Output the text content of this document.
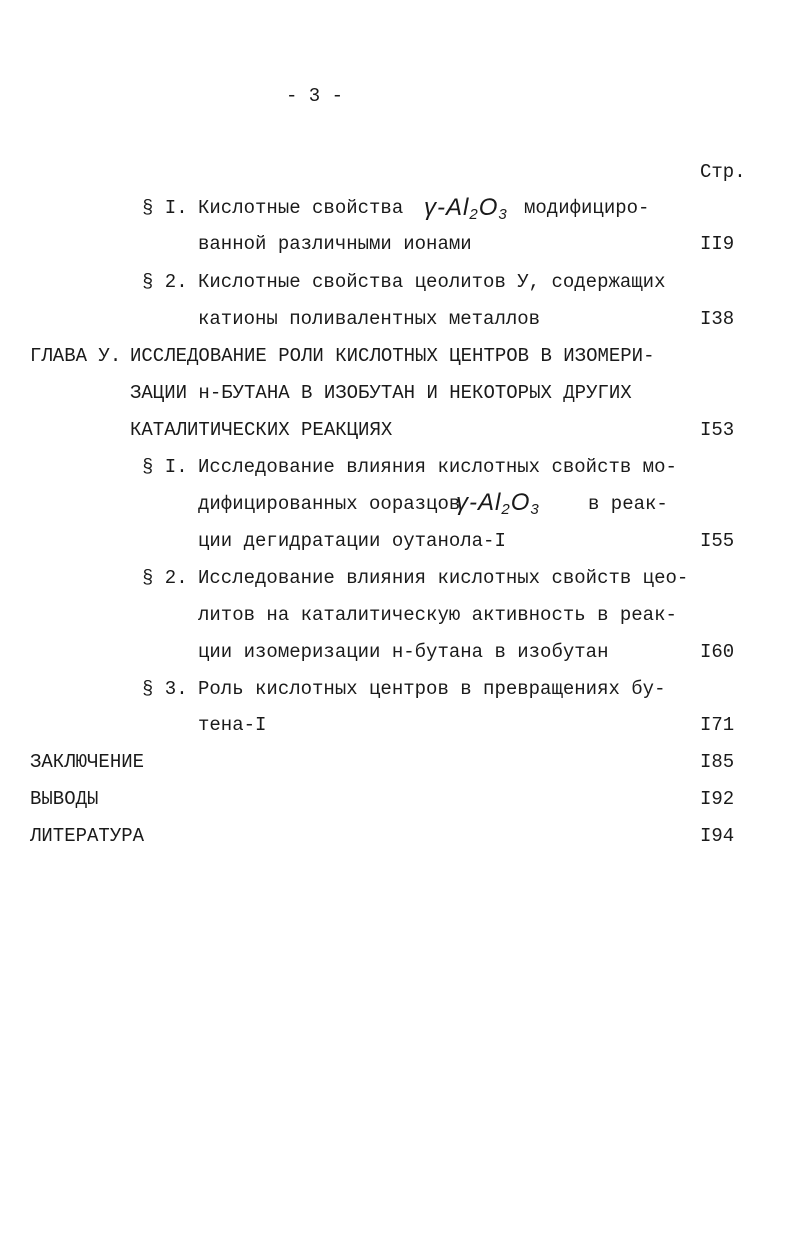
- 3 -
Стр.
§ I. Кислотные свойства $\gamma-Al_2O_3$ модифициро-
ванной различными ионами	II9
§ 2. Кислотные свойства цеолитов У, содержащих
катионы поливалентных металлов	I38
ГЛАВА У. ИССЛЕДОВАНИЕ РОЛИ КИСЛОТНЫХ ЦЕНТРОВ В ИЗОМЕРИ-
ЗАЦИИ н-БУТАНА В ИЗОБУТАН И НЕКОТОРЫХ ДРУГИХ
КАТАЛИТИЧЕСКИХ РЕАКЦИЯХ	I53
§ I. Исследование влияния кислотных свойств мо-
дифицированных ооразцов
$\gamma-Al_2O_3$	в реак-
ции дегидратации оутанола-I	I55
§ 2. Исследование влияния кислотных свойств цео-
литов на каталитическую активность в реак-
ции изомеризации н-бутана в изобутан	I60
§ 3. Роль кислотных центров в превращениях бу-
тена-I	I71
ЗАКЛЮЧЕНИЕ	I85
ВЫВОДЫ	I92
ЛИТЕРАТУРА	I94
